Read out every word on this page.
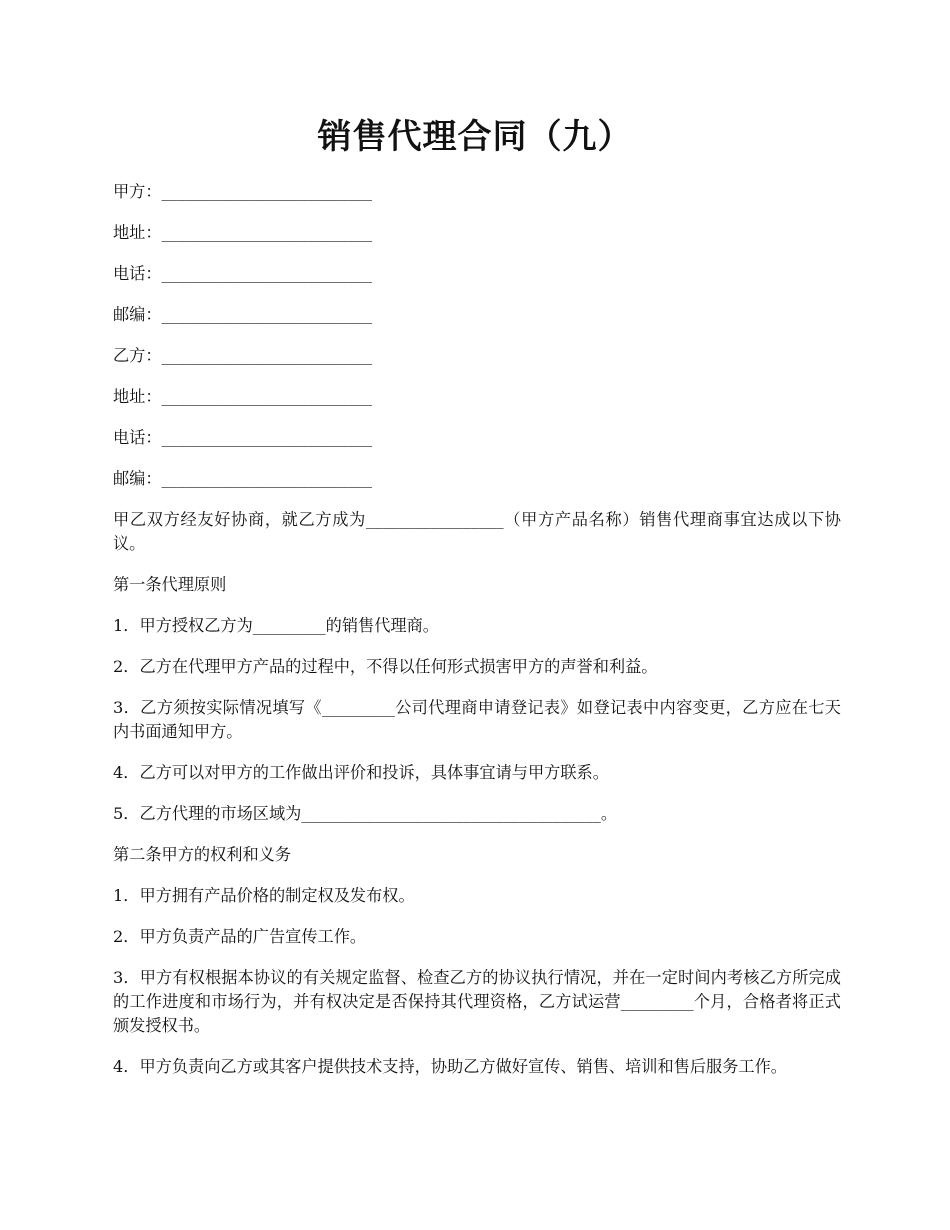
销售代理合同（九）

甲方：__________________________

地址：__________________________

电话：__________________________

邮编：__________________________

乙方：__________________________

地址：__________________________

电话：__________________________

邮编：__________________________

甲乙双方经友好协商，就乙方成为_________________（甲方产品名称）销售代理商事宜达成以下协议。

第一条代理原则

1．甲方授权乙方为_________的销售代理商。

2．乙方在代理甲方产品的过程中，不得以任何形式损害甲方的声誉和利益。

3．乙方须按实际情况填写《_________公司代理商申请登记表》如登记表中内容变更，乙方应在七天内书面通知甲方。

4．乙方可以对甲方的工作做出评价和投诉，具体事宜请与甲方联系。

5．乙方代理的市场区域为_____________________________________。

第二条甲方的权利和义务

1．甲方拥有产品价格的制定权及发布权。

2．甲方负责产品的广告宣传工作。

3．甲方有权根据本协议的有关规定监督、检查乙方的协议执行情况，并在一定时间内考核乙方所完成的工作进度和市场行为，并有权决定是否保持其代理资格，乙方试运营_________个月，合格者将正式颁发授权书。

4．甲方负责向乙方或其客户提供技术支持，协助乙方做好宣传、销售、培训和售后服务工作。
